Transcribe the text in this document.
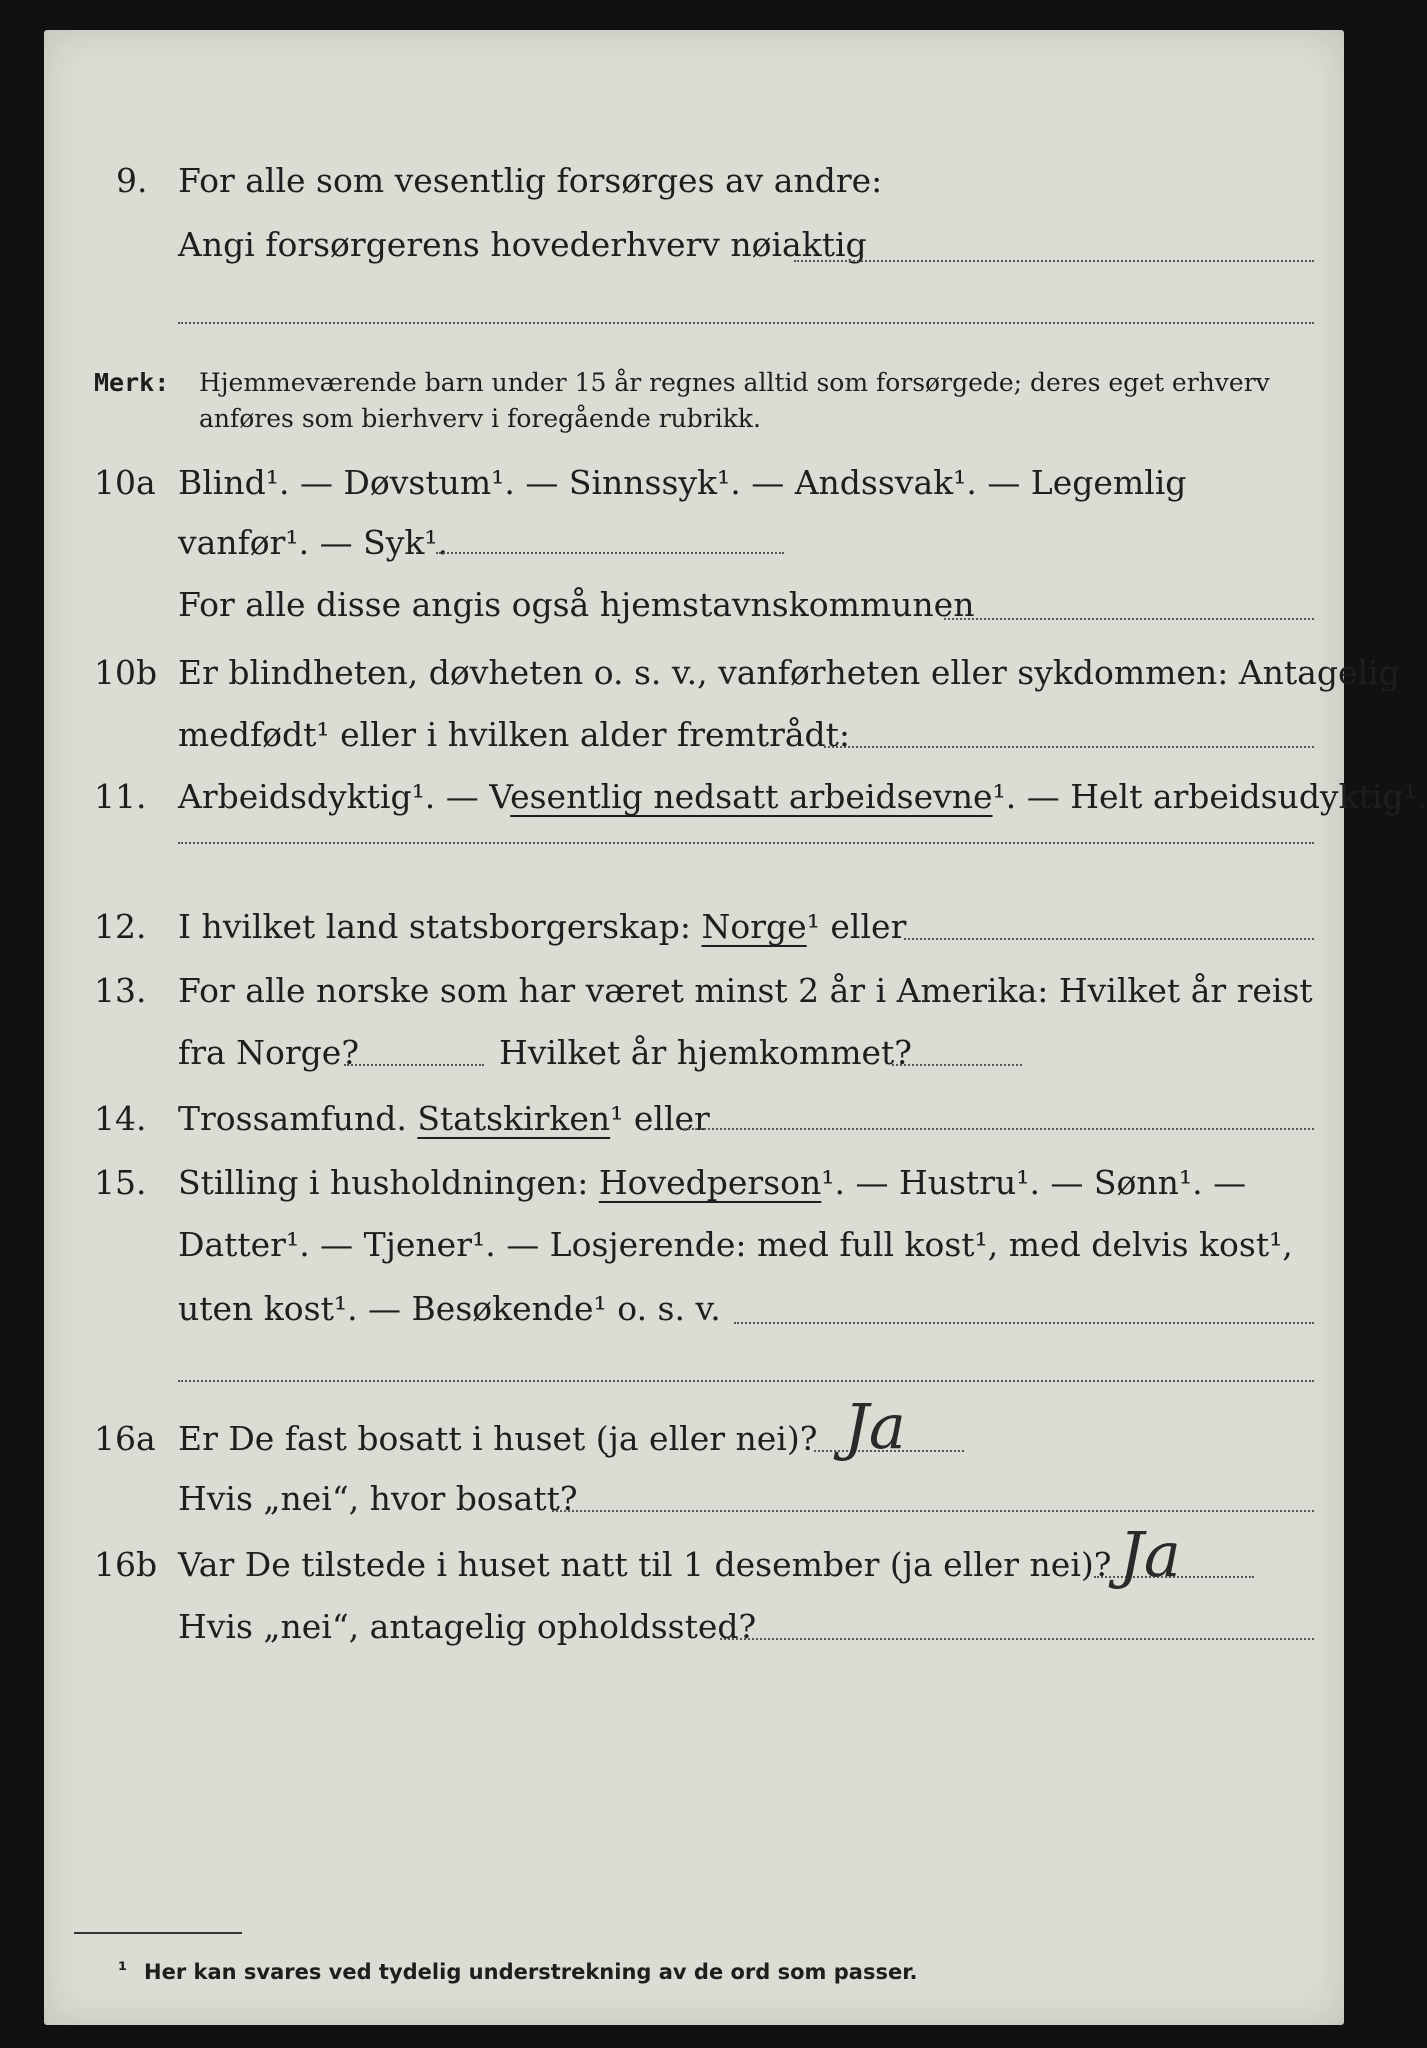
9. For alle som vesentlig forsørges av andre:
Angi forsørgerens hovederhverv nøiaktig
Merk: Hjemmeværende barn under 15 år regnes alltid som forsørgede; deres eget erhverv
anføres som bierhverv i foregående rubrikk.
10a Blind¹. — Døvstum¹. — Sinnssyk¹. — Andssvak¹. — Legemlig
vanfør¹. — Syk¹.
For alle disse angis også hjemstavnskommunen
10b Er blindheten, døvheten o. s. v., vanførheten eller sykdommen: Antagelig
medfødt¹ eller i hvilken alder fremtrådt:
11. Arbeidsdyktig¹. — Vesentlig nedsatt arbeidsevne¹. — Helt arbeidsudyktig¹.
12. I hvilket land statsborgerskap: Norge¹ eller
13. For alle norske som har været minst 2 år i Amerika: Hvilket år reist
fra Norge?	Hvilket år hjemkommet?
14. Trossamfund. Statskirken¹ eller
15. Stilling i husholdningen: Hovedperson¹. — Hustru¹. — Sønn¹. —
Datter¹. — Tjener¹. — Losjerende: med full kost¹, med delvis kost¹,
uten kost¹. — Besøkende¹ o. s. v.
16a Er De fast bosatt i huset (ja eller nei)? Ja
Hvis „nei“, hvor bosatt?
16b Var De tilstede i huset natt til 1 desember (ja eller nei)? Ja
Hvis „nei“, antagelig opholdssted?
¹ Her kan svares ved tydelig understrekning av de ord som passer.
